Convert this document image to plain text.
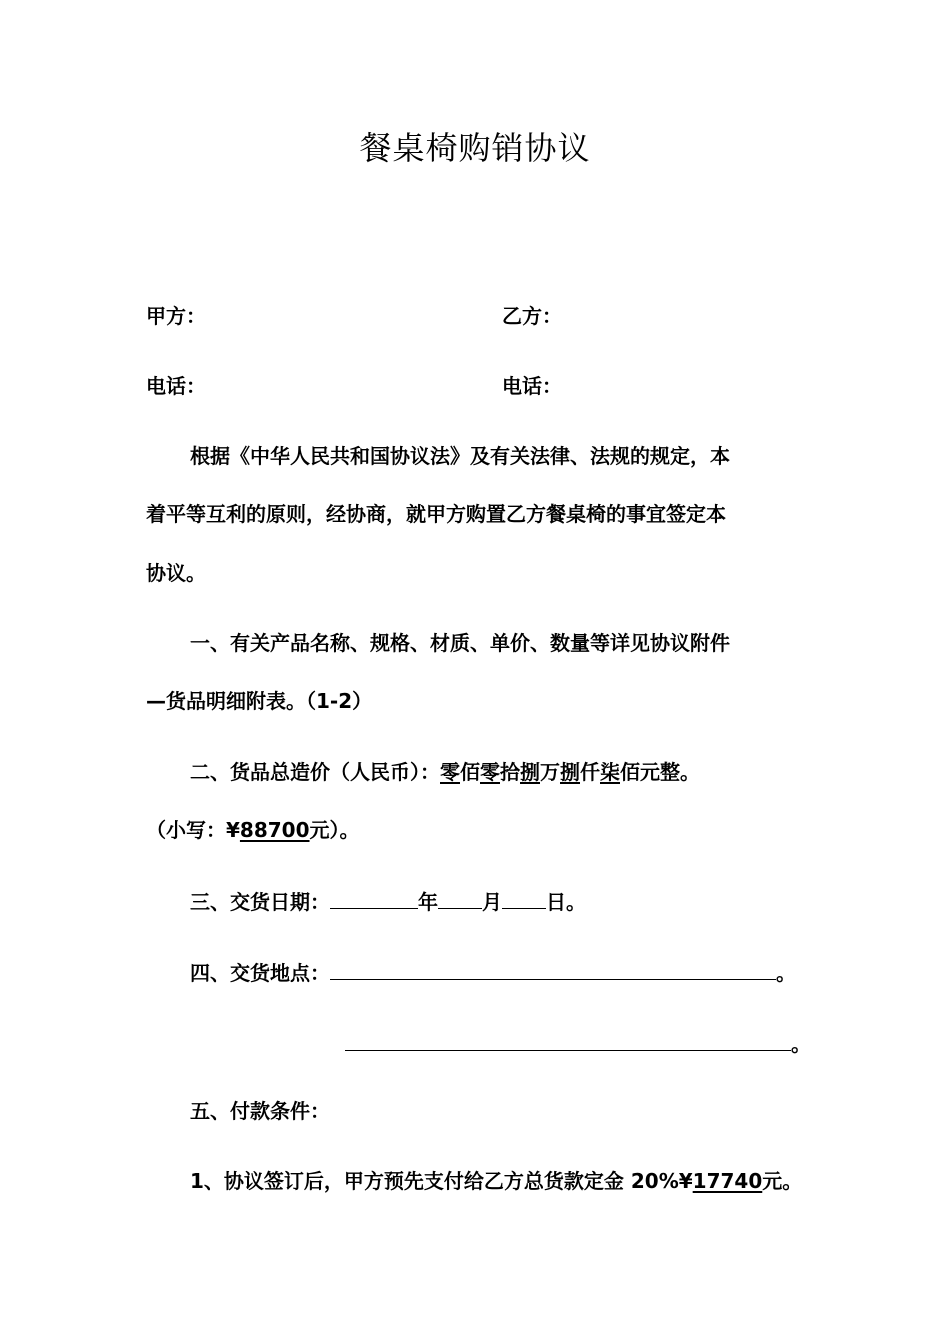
餐桌椅购销协议
甲方：	乙方：
电话：	电话：
根据《中华人民共和国协议法》及有关法律、法规的规定，本
着平等互利的原则，经协商，就甲方购置乙方餐桌椅的事宜签定本
协议。
一、有关产品名称、规格、材质、单价、数量等详见协议附件
—货品明细附表。（1-2）
二、货品总造价（人民币）：零佰零拾捌万捌仟柒佰元整。
（小写：¥88700元）。
三、交货日期：	年 月 日。
四、交货地点：	。
。
五、付款条件：
1、协议签订后，甲方预先支付给乙方总货款定金 20%¥17740元。
